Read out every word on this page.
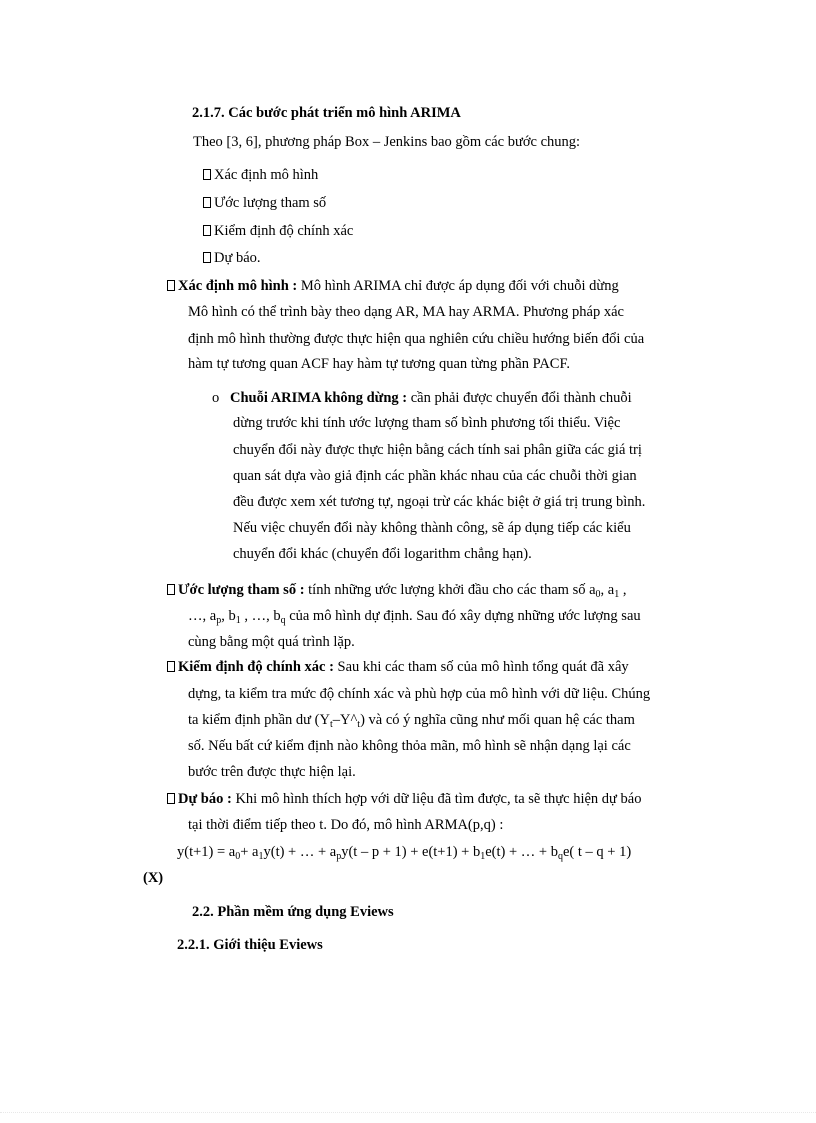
2.1.7. Các bước phát triển mô hình ARIMA
Theo [3, 6], phương pháp Box – Jenkins bao gồm các bước chung:
Xác định mô hình
Ước lượng tham số
Kiểm định độ chính xác
Dự báo.
Xác định mô hình : Mô hình ARIMA chỉ được áp dụng đối với chuỗi dừng
Mô hình có thể trình bày theo dạng AR, MA hay ARMA. Phương pháp xác
định mô hình thường được thực hiện qua nghiên cứu chiều hướng biến đổi của
hàm tự tương quan ACF hay hàm tự tương quan từng phần PACF.
o Chuỗi ARIMA không dừng : cần phải được chuyển đổi thành chuỗi
dừng trước khi tính ước lượng tham số bình phương tối thiểu. Việc
chuyển đổi này được thực hiện bằng cách tính sai phân giữa các giá trị
quan sát dựa vào giả định các phần khác nhau của các chuỗi thời gian
đều được xem xét tương tự, ngoại trừ các khác biệt ở giá trị trung bình.
Nếu việc chuyển đổi này không thành công, sẽ áp dụng tiếp các kiểu
chuyển đổi khác (chuyển đổi logarithm chẳng hạn).
Ước lượng tham số : tính những ước lượng khởi đầu cho các tham số $a_0$, $a_1$ ,
…, $a_p$, $b_1$ , …, $b_q$ của mô hình dự định. Sau đó xây dựng những ước lượng sau
cùng bằng một quá trình lặp.
Kiểm định độ chính xác : Sau khi các tham số của mô hình tổng quát đã xây
dựng, ta kiểm tra mức độ chính xác và phù hợp của mô hình với dữ liệu. Chúng
ta kiểm định phần dư $(Y_t-Y\^{}_t)$ và có ý nghĩa cũng như mối quan hệ các tham
số. Nếu bất cứ kiểm định nào không thỏa mãn, mô hình sẽ nhận dạng lại các
bước trên được thực hiện lại.
Dự báo : Khi mô hình thích hợp với dữ liệu đã tìm được, ta sẽ thực hiện dự báo
tại thời điểm tiếp theo t. Do đó, mô hình ARMA(p,q) :
$y(t+1) = a_0+ a_1y(t)$ + … + $a_py(t - p + 1) + e(t+1) + b_1e(t)$ + … + $b_qe$( t – q + 1)
(X)
2.2. Phần mềm ứng dụng Eviews
2.2.1. Giới thiệu Eviews
